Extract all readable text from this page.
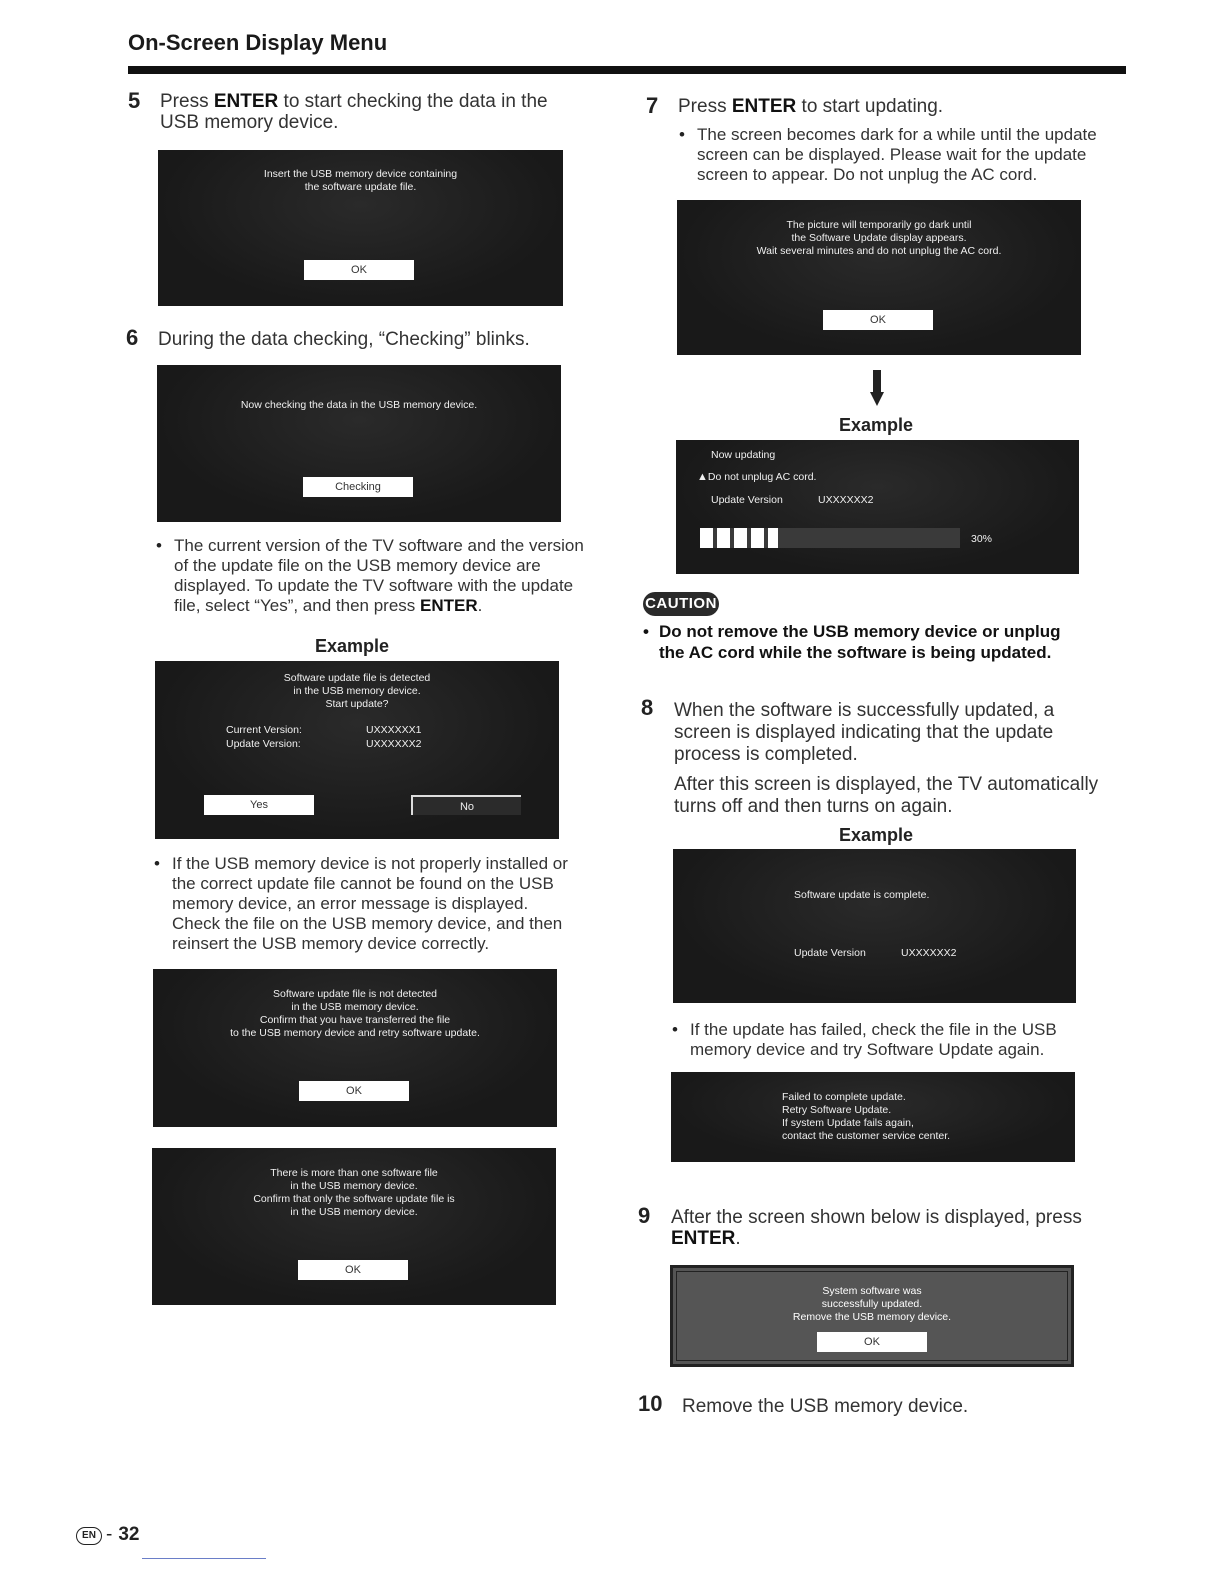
On-Screen Display Menu
5 Press ENTER to start checking the data in the
USB memory device.
Insert the USB memory device containing
the software update file.
OK
6 During the data checking, “Checking” blinks.
Now checking the data in the USB memory device.
Checking
• The current version of the TV software and the version
of the update file on the USB memory device are
displayed. To update the TV software with the update
file, select “Yes”, and then press ENTER.
Example
Software update file is detected
in the USB memory device.
Start update?
Current Version:	UXXXXXX1
Update Version:	UXXXXXX2
Yes	No
• If the USB memory device is not properly installed or
the correct update file cannot be found on the USB
memory device, an error message is displayed.
Check the file on the USB memory device, and then
reinsert the USB memory device correctly.
Software update file is not detected
in the USB memory device.
Confirm that you have transferred the file
to the USB memory device and retry software update.
OK
There is more than one software file
in the USB memory device.
Confirm that only the software update file is
in the USB memory device.
OK
7 Press ENTER to start updating.
• The screen becomes dark for a while until the update
screen can be displayed. Please wait for the update
screen to appear. Do not unplug the AC cord.
The picture will temporarily go dark until
the Software Update display appears.
Wait several minutes and do not unplug the AC cord.
OK
Example
Now updating
▲Do not unplug AC cord.
Update Version	UXXXXXX2
30%
CAUTION
• Do not remove the USB memory device or unplug
the AC cord while the software is being updated.
8 When the software is successfully updated, a
screen is displayed indicating that the update
process is completed.
After this screen is displayed, the TV automatically
turns off and then turns on again.
Example
Software update is complete.
Update Version	UXXXXXX2
• If the update has failed, check the file in the USB
memory device and try Software Update again.
Failed to complete update.
Retry Software Update.
If system Update fails again,
contact the customer service center.
9 After the screen shown below is displayed, press
ENTER.
System software was
successfully updated.
Remove the USB memory device.
OK
10 Remove the USB memory device.
EN - 32
